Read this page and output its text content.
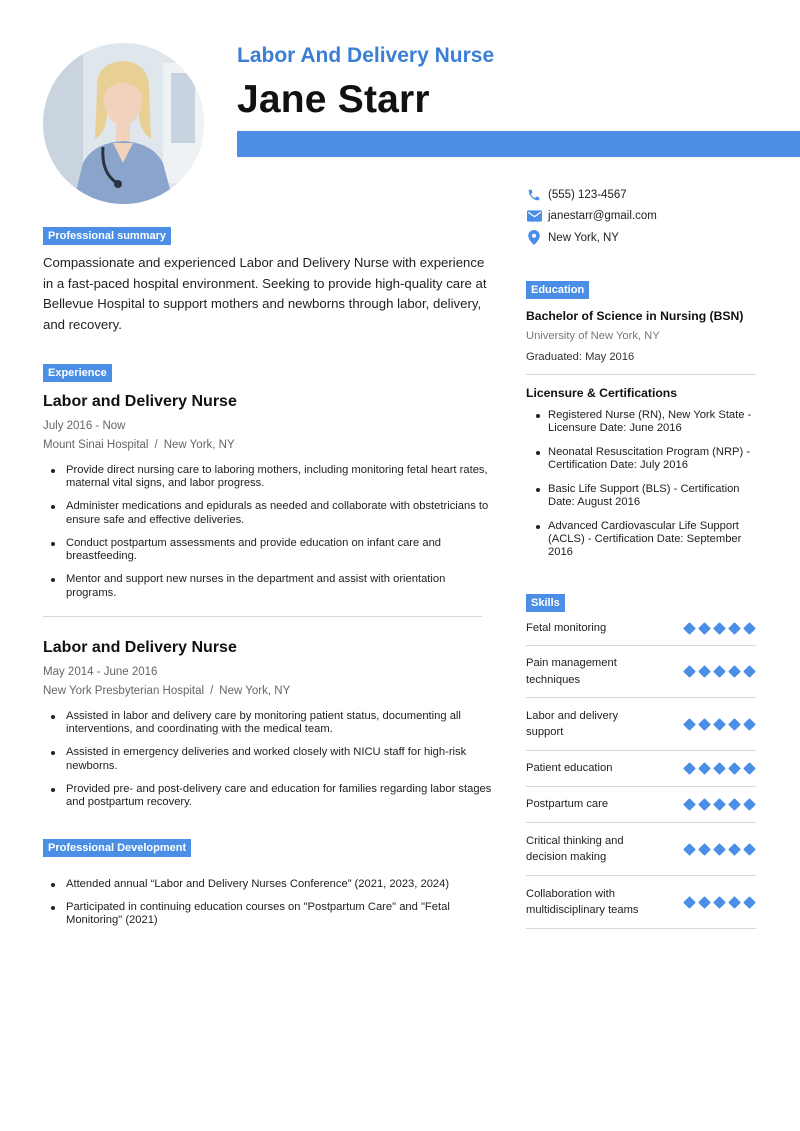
Labor And Delivery Nurse
Jane Starr
(555) 123-4567
janestarr@gmail.com
New York, NY
Professional summary
Compassionate and experienced Labor and Delivery Nurse with experience in a fast-paced hospital environment. Seeking to provide high-quality care at Bellevue Hospital to support mothers and newborns through labor, delivery, and recovery.
Experience
Labor and Delivery Nurse
July 2016 - Now
Mount Sinai Hospital / New York, NY
Provide direct nursing care to laboring mothers, including monitoring fetal heart rates, maternal vital signs, and labor progress.
Administer medications and epidurals as needed and collaborate with obstetricians to ensure safe and effective deliveries.
Conduct postpartum assessments and provide education on infant care and breastfeeding.
Mentor and support new nurses in the department and assist with orientation programs.
Labor and Delivery Nurse
May 2014 - June 2016
New York Presbyterian Hospital / New York, NY
Assisted in labor and delivery care by monitoring patient status, documenting all interventions, and coordinating with the medical team.
Assisted in emergency deliveries and worked closely with NICU staff for high-risk newborns.
Provided pre- and post-delivery care and education for families regarding labor stages and postpartum recovery.
Professional Development
Attended annual “Labor and Delivery Nurses Conference” (2021, 2023, 2024)
Participated in continuing education courses on "Postpartum Care" and "Fetal Monitoring" (2021)
Education
Bachelor of Science in Nursing (BSN)
University of New York, NY
Graduated: May 2016
Licensure & Certifications
Registered Nurse (RN), New York State - Licensure Date: June 2016
Neonatal Resuscitation Program (NRP) - Certification Date: July 2016
Basic Life Support (BLS) - Certification Date: August 2016
Advanced Cardiovascular Life Support (ACLS) - Certification Date: September 2016
Skills
Fetal monitoring
Pain management techniques
Labor and delivery support
Patient education
Postpartum care
Critical thinking and decision making
Collaboration with multidisciplinary teams
